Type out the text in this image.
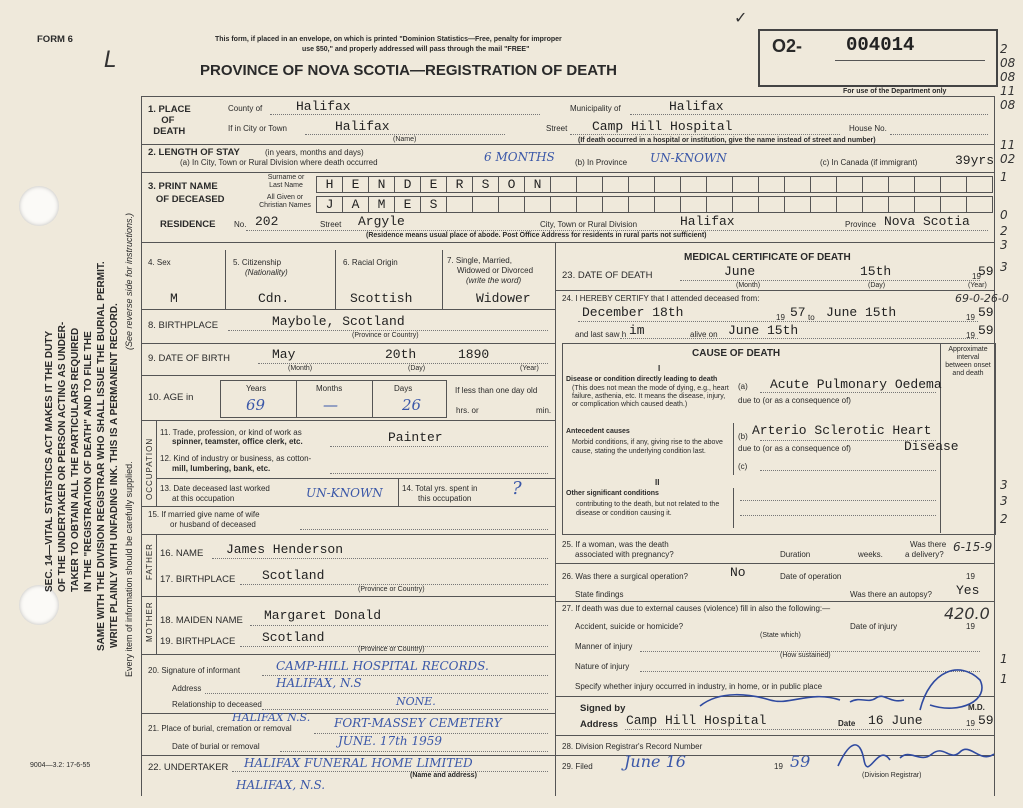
FORM 6
L
✓
This form, if placed in an envelope, on which is printed "Dominion Statistics—Free, penalty for improper
use $50," and properly addressed will pass through the mail "FREE"
PROVINCE OF NOVA SCOTIA—REGISTRATION OF DEATH
O2- 004014
For use of the Department only
SEC. 14—VITAL STATISTICS ACT MAKES IT THE DUTY OF THE UNDERTAKER OR PERSON ACTING AS UNDER- TAKER TO OBTAIN ALL THE PARTICULARS REQUIRED IN THE "REGISTRATION OF DEATH" AND TO FILE THE SAME WITH THE DIVISION REGISTRAR WHO SHALL ISSUE THE BURIAL PERMIT. WRITE PLAINLY WITH UNFADING INK. THIS IS A PERMANENT RECORD. Every item of information should be carefully supplied.
(See reverse side for instructions.)
9004—3.2: 17-6-55
1. PLACE
OF
DEATH
County of	Halifax	Municipality of	Halifax
If in City or Town	Halifax
(Name)
Street Camp Hill Hospital	House No.
(If death occurred in a hospital or institution, give the name instead of street and number)
2. LENGTH OF STAY	(in years, months and days)
(a) In City, Town or Rural Division where death occurred	6 MONTHS	(b) In Province UN-KNOWN	(c) In Canada (if immigrant)	39yrs
3. PRINT NAME
OF DECEASED
Surname or
Last Name
All Given or
Christian Names
H E N D E R S O N
J A M E S
RESIDENCE No. 202	Street Argyle	City, Town or Rural Division	Halifax	Province Nova Scotia
(Residence means usual place of abode. Post Office Address for residents in rural parts not sufficient)
4. Sex
M
5. Citizenship
(Nationality)
Cdn.
6. Racial Origin
Scottish
7. Single, Married,
Widowed or Divorced
(write the word)
Widower
8. BIRTHPLACE	Maybole, Scotland
(Province or Country)
9. DATE OF BIRTH	May	20th	1890
(Month)	(Day)	(Year)
10. AGE in
Years	Months	Days
69	—	26
If less than one day old
hrs. or	min.
OCCUPATION
11. Trade, profession, or kind of work as
spinner, teamster, office clerk, etc.	Painter
12. Kind of industry or business, as cotton-
mill, lumbering, bank, etc.
13. Date deceased last worked
at this occupation	UN-KNOWN 14. Total yrs. spent in
this occupation ?
15. If married give name of wife
or husband of deceased
FATHER
MOTHER
16. NAME James Henderson
17. BIRTHPLACE Scotland
(Province or Country)
18. MAIDEN NAME Margaret Donald
19. BIRTHPLACE Scotland
(Province or Country)
20. Signature of informant	CAMP-HILL HOSPITAL RECORDS.
Address	HALIFAX, N.S
Relationship to deceased	NONE.
HALIFAX N.S.
21. Place of burial, cremation or removal	FORT-MASSEY CEMETERY
Date of burial or removal	JUNE. 17th 1959
22. UNDERTAKER HALIFAX FUNERAL HOME LIMITED
(Name and address)
HALIFAX, N.S.
MEDICAL CERTIFICATE OF DEATH
23. DATE OF DEATH	June	15th	19
59
(Month)	(Day)	(Year)
24. I HEREBY CERTIFY that I attended deceased from:
December 18th	19 57 to June 15th	19 59
and last saw h im	alive on June 15th	19 59
CAUSE OF DEATH	Approximate interval between onset and death
I
Disease or condition directly leading to death
(This does not mean the mode of dying, e.g., heart failure, asthenia, etc. It means the disease, injury, or complication which caused death.)
(a) Acute Pulmonary Oedema
due to (or as a consequence of)
Antecedent causes
Morbid conditions, if any, giving rise to the above cause, stating the underlying condition last.
(b) Arterio Sclerotic Heart
due to (or as a consequence of)	Disease
(c)
II
Other significant conditions
contributing to the death, but not related to the disease or condition causing it.
25. If a woman, was the death
associated with pregnancy?	Duration	weeks.
Was there
a delivery?
26. Was there a surgical operation?	No	Date of operation	19
State findings	Was there an autopsy? Yes
27. If death was due to external causes (violence) fill in also the following:—
Accident, suicide or homicide?	Date of injury	19
(State which)
Manner of injury
(How sustained)
Nature of injury
Specify whether injury occurred in industry, in home, or in public place
Signed by	M.D.
Address Camp Hill Hospital	Date 16 June	19 59
28. Division Registrar's Record Number
29. Filed June 16	19 59
(Division Registrar)
69-0-26-0
6-15-9
420.0
2
08
08
11
08
11
02
1
0
2
3
3
3
3
2
1
1
